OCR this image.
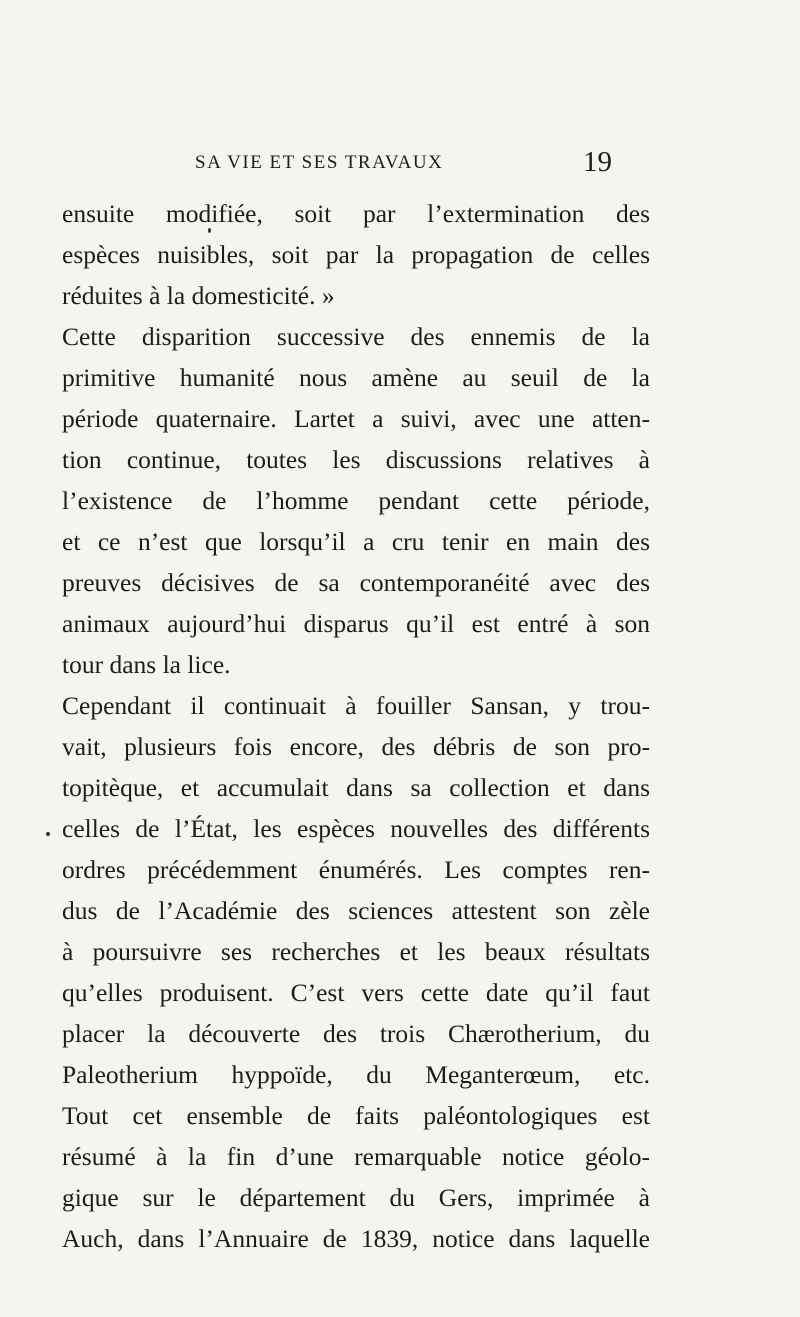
SA VIE ET SES TRAVAUX	19
ensuite modifiée, soit par l’extermination des
espèces nuisibles, soit par la propagation de celles
réduites à la domesticité. »
Cette disparition successive des ennemis de la
primitive humanité nous amène au seuil de la
période quaternaire. Lartet a suivi, avec une atten-
tion continue, toutes les discussions relatives à
l’existence de l’homme pendant cette période,
et ce n’est que lorsqu’il a cru tenir en main des
preuves décisives de sa contemporanéité avec des
animaux aujourd’hui disparus qu’il est entré à son
tour dans la lice.
Cependant il continuait à fouiller Sansan, y trou-
vait, plusieurs fois encore, des débris de son pro-
topitèque, et accumulait dans sa collection et dans
celles de l’État, les espèces nouvelles des différents
ordres précédemment énumérés. Les comptes ren-
dus de l’Académie des sciences attestent son zèle
à poursuivre ses recherches et les beaux résultats
qu’elles produisent. C’est vers cette date qu’il faut
placer la découverte des trois Chærotherium, du
Paleotherium hyppoïde, du Meganterœum, etc.
Tout cet ensemble de faits paléontologiques est
résumé à la fin d’une remarquable notice géolo-
gique sur le département du Gers, imprimée à
Auch, dans l’Annuaire de 1839, notice dans laquelle
